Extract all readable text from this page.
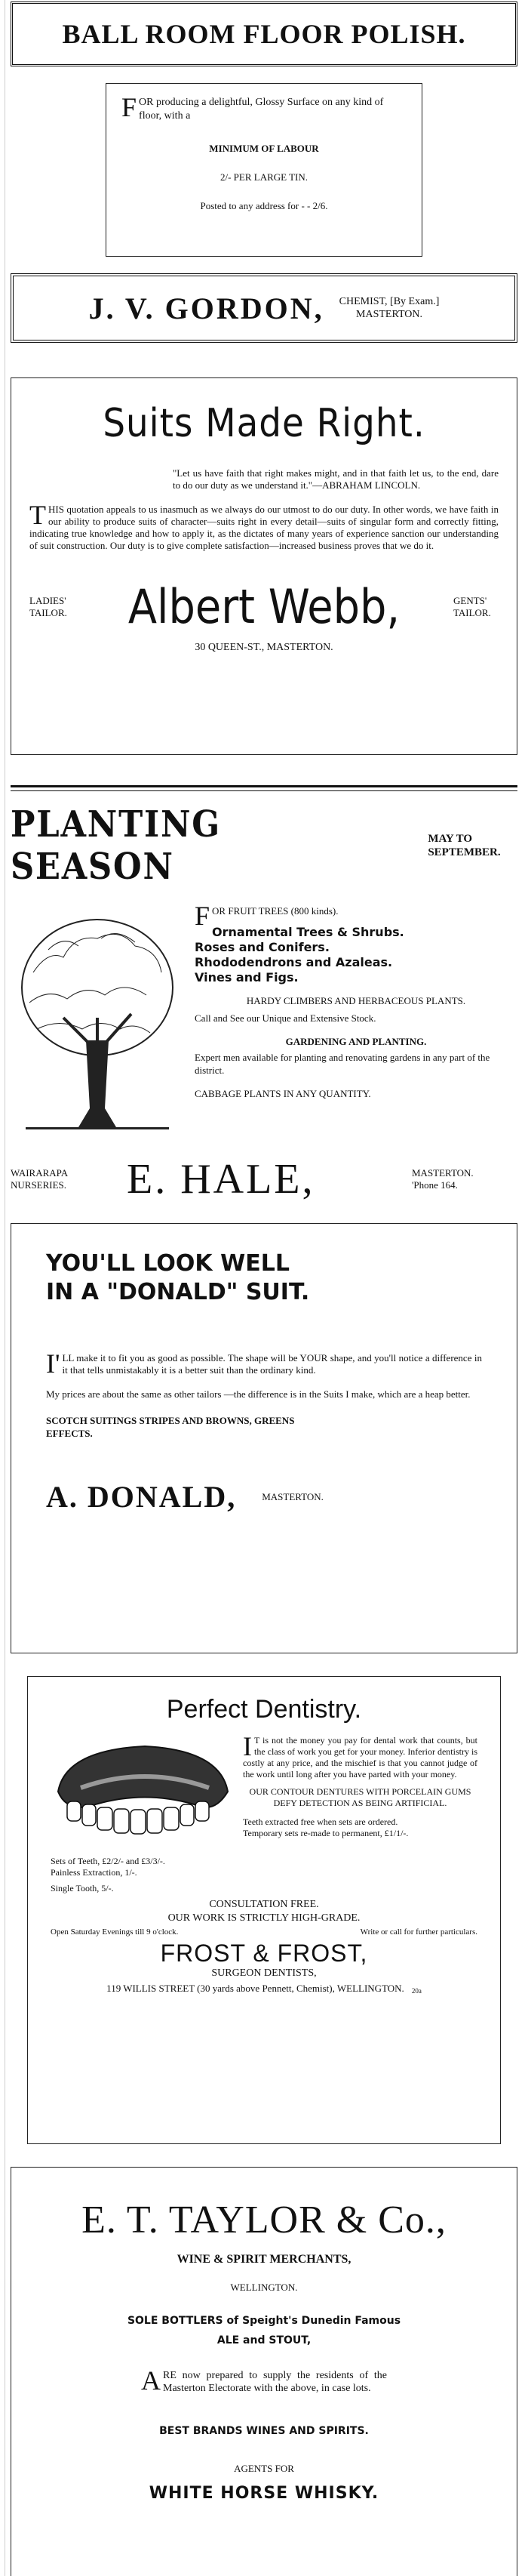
BALL ROOM FLOOR POLISH.
FOR producing a delightful, Glossy Surface on any kind of floor, with a
MINIMUM OF LABOUR
2/- PER LARGE TIN.
Posted to any address for - - 2/6.
J. V. GORDON, CHEMIST, [By Exam.]
MASTERTON.
Suits Made Right.
"Let us have faith that right makes might, and in that faith let us, to the end, dare to do our duty as we understand it."—ABRAHAM LINCOLN.
THIS quotation appeals to us inasmuch as we always do our utmost to do our duty. In other words, we have faith in our ability to produce suits of character—suits right in every detail—suits of singular form and correctly fitting, indicating true knowledge and how to apply it, as the dictates of many years of experience sanction our understanding of suit construction. Our duty is to give complete satisfaction—increased business proves that we do it.
LADIES' TAILOR. Albert Webb,	GENTS' TAILOR.
30 QUEEN-ST., MASTERTON.
PLANTING SEASON
MAY TO SEPTEMBER.
FOR FRUIT TREES (800 kinds).
Ornamental Trees & Shrubs.
Roses and Conifers.
Rhododendrons and Azaleas.
Vines and Figs.
HARDY CLIMBERS AND HERBACEOUS PLANTS.
Call and See our Unique and Extensive Stock.
GARDENING AND PLANTING.
Expert men available for planting and renovating gardens in any part of the district.
CABBAGE PLANTS IN ANY QUANTITY.
WAIRARAPA NURSERIES.	E. HALE,	MASTERTON.
'Phone 164.
YOU'LL LOOK WELL
IN A "DONALD" SUIT.
I'LL make it to fit you as good as possible. The shape will be YOUR shape, and you'll notice a difference in it that tells unmistakably it is a better suit than the ordinary kind.
My prices are about the same as other tailors —the difference is in the Suits I make, which are a heap better.
SCOTCH SUITINGS STRIPES AND BROWNS, GREENS EFFECTS.
A. DONALD,	MASTERTON.
Perfect Dentistry.
Sets of Teeth, £2/2/- and £3/3/-.
Painless Extraction, 1/-.
Single Tooth, 5/-.
IT is not the money you pay for dental work that counts, but the class of work you get for your money. Inferior dentistry is costly at any price, and the mischief is that you cannot judge of the work until long after you have parted with your money.
OUR CONTOUR DENTURES WITH PORCELAIN GUMS DEFY DETECTION AS BEING ARTIFICIAL.
Teeth extracted free when sets are ordered.
Temporary sets re-made to permanent, £1/1/-.
CONSULTATION FREE.
OUR WORK IS STRICTLY HIGH-GRADE.
Open Saturday Evenings till 9 o'clock.	Write or call for further particulars.
FROST & FROST,
SURGEON DENTISTS,
119 WILLIS STREET (30 yards above Pennett, Chemist), WELLINGTON. 20a
E. T. TAYLOR & Co.,
WINE & SPIRIT MERCHANTS,
WELLINGTON.
SOLE BOTTLERS of Speight's Dunedin Famous
ALE and STOUT,
ARE now prepared to supply the residents of the Masterton Electorate with the above, in case lots.
BEST BRANDS WINES AND SPIRITS.
AGENTS FOR
WHITE HORSE WHISKY.
